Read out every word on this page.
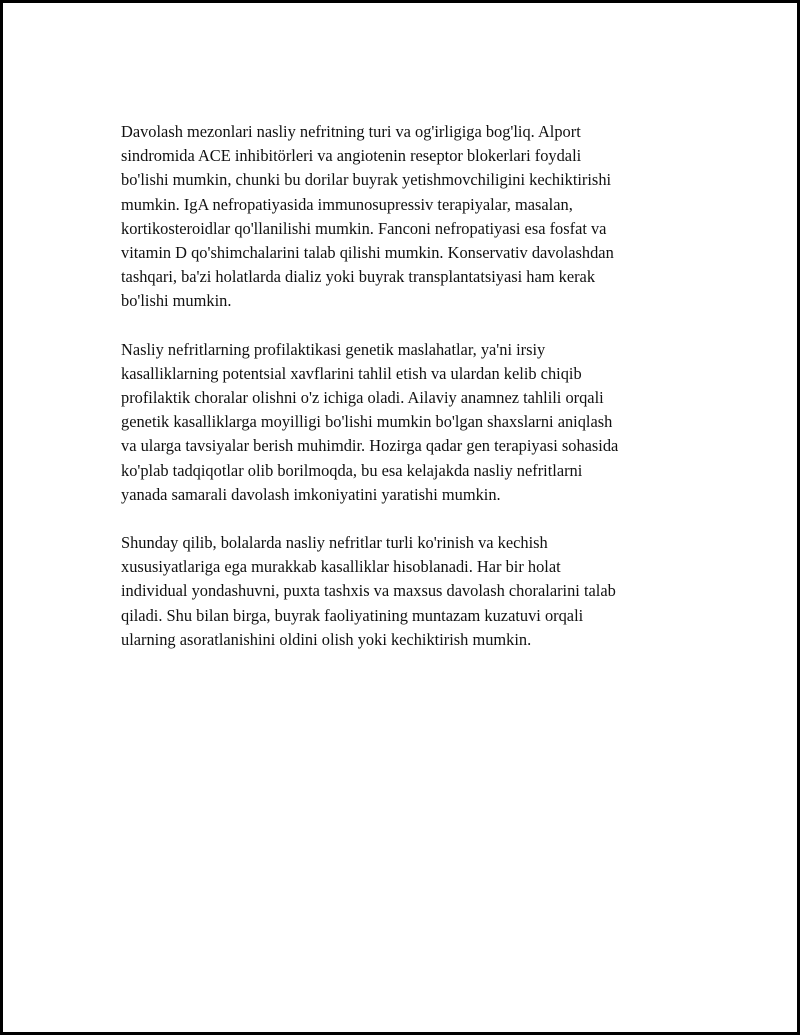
Davolash mezonlari nasliy nefritning turi va og'irligiga bog'liq. Alport
sindromida ACE inhibitörleri va angiotenin reseptor blokerlari foydali
bo'lishi mumkin, chunki bu dorilar buyrak yetishmovchiligini kechiktirishi
mumkin. IgA nefropatiyasida immunosupressiv terapiyalar, masalan,
kortikosteroidlar qo'llanilishi mumkin. Fanconi nefropatiyasi esa fosfat va
vitamin D qo'shimchalarini talab qilishi mumkin. Konservativ davolashdan
tashqari, ba'zi holatlarda dializ yoki buyrak transplantatsiyasi ham kerak
bo'lishi mumkin.

Nasliy nefritlarning profilaktikasi genetik maslahatlar, ya'ni irsiy
kasalliklarning potentsial xavflarini tahlil etish va ulardan kelib chiqib
profilaktik choralar olishni o'z ichiga oladi. Ailaviy anamnez tahlili orqali
genetik kasalliklarga moyilligi bo'lishi mumkin bo'lgan shaxslarni aniqlash
va ularga tavsiyalar berish muhimdir. Hozirga qadar gen terapiyasi sohasida
ko'plab tadqiqotlar olib borilmoqda, bu esa kelajakda nasliy nefritlarni
yanada samarali davolash imkoniyatini yaratishi mumkin.

Shunday qilib, bolalarda nasliy nefritlar turli ko'rinish va kechish
xususiyatlariga ega murakkab kasalliklar hisoblanadi. Har bir holat
individual yondashuvni, puxta tashxis va maxsus davolash choralarini talab
qiladi. Shu bilan birga, buyrak faoliyatining muntazam kuzatuvi orqali
ularning asoratlanishini oldini olish yoki kechiktirish mumkin.
